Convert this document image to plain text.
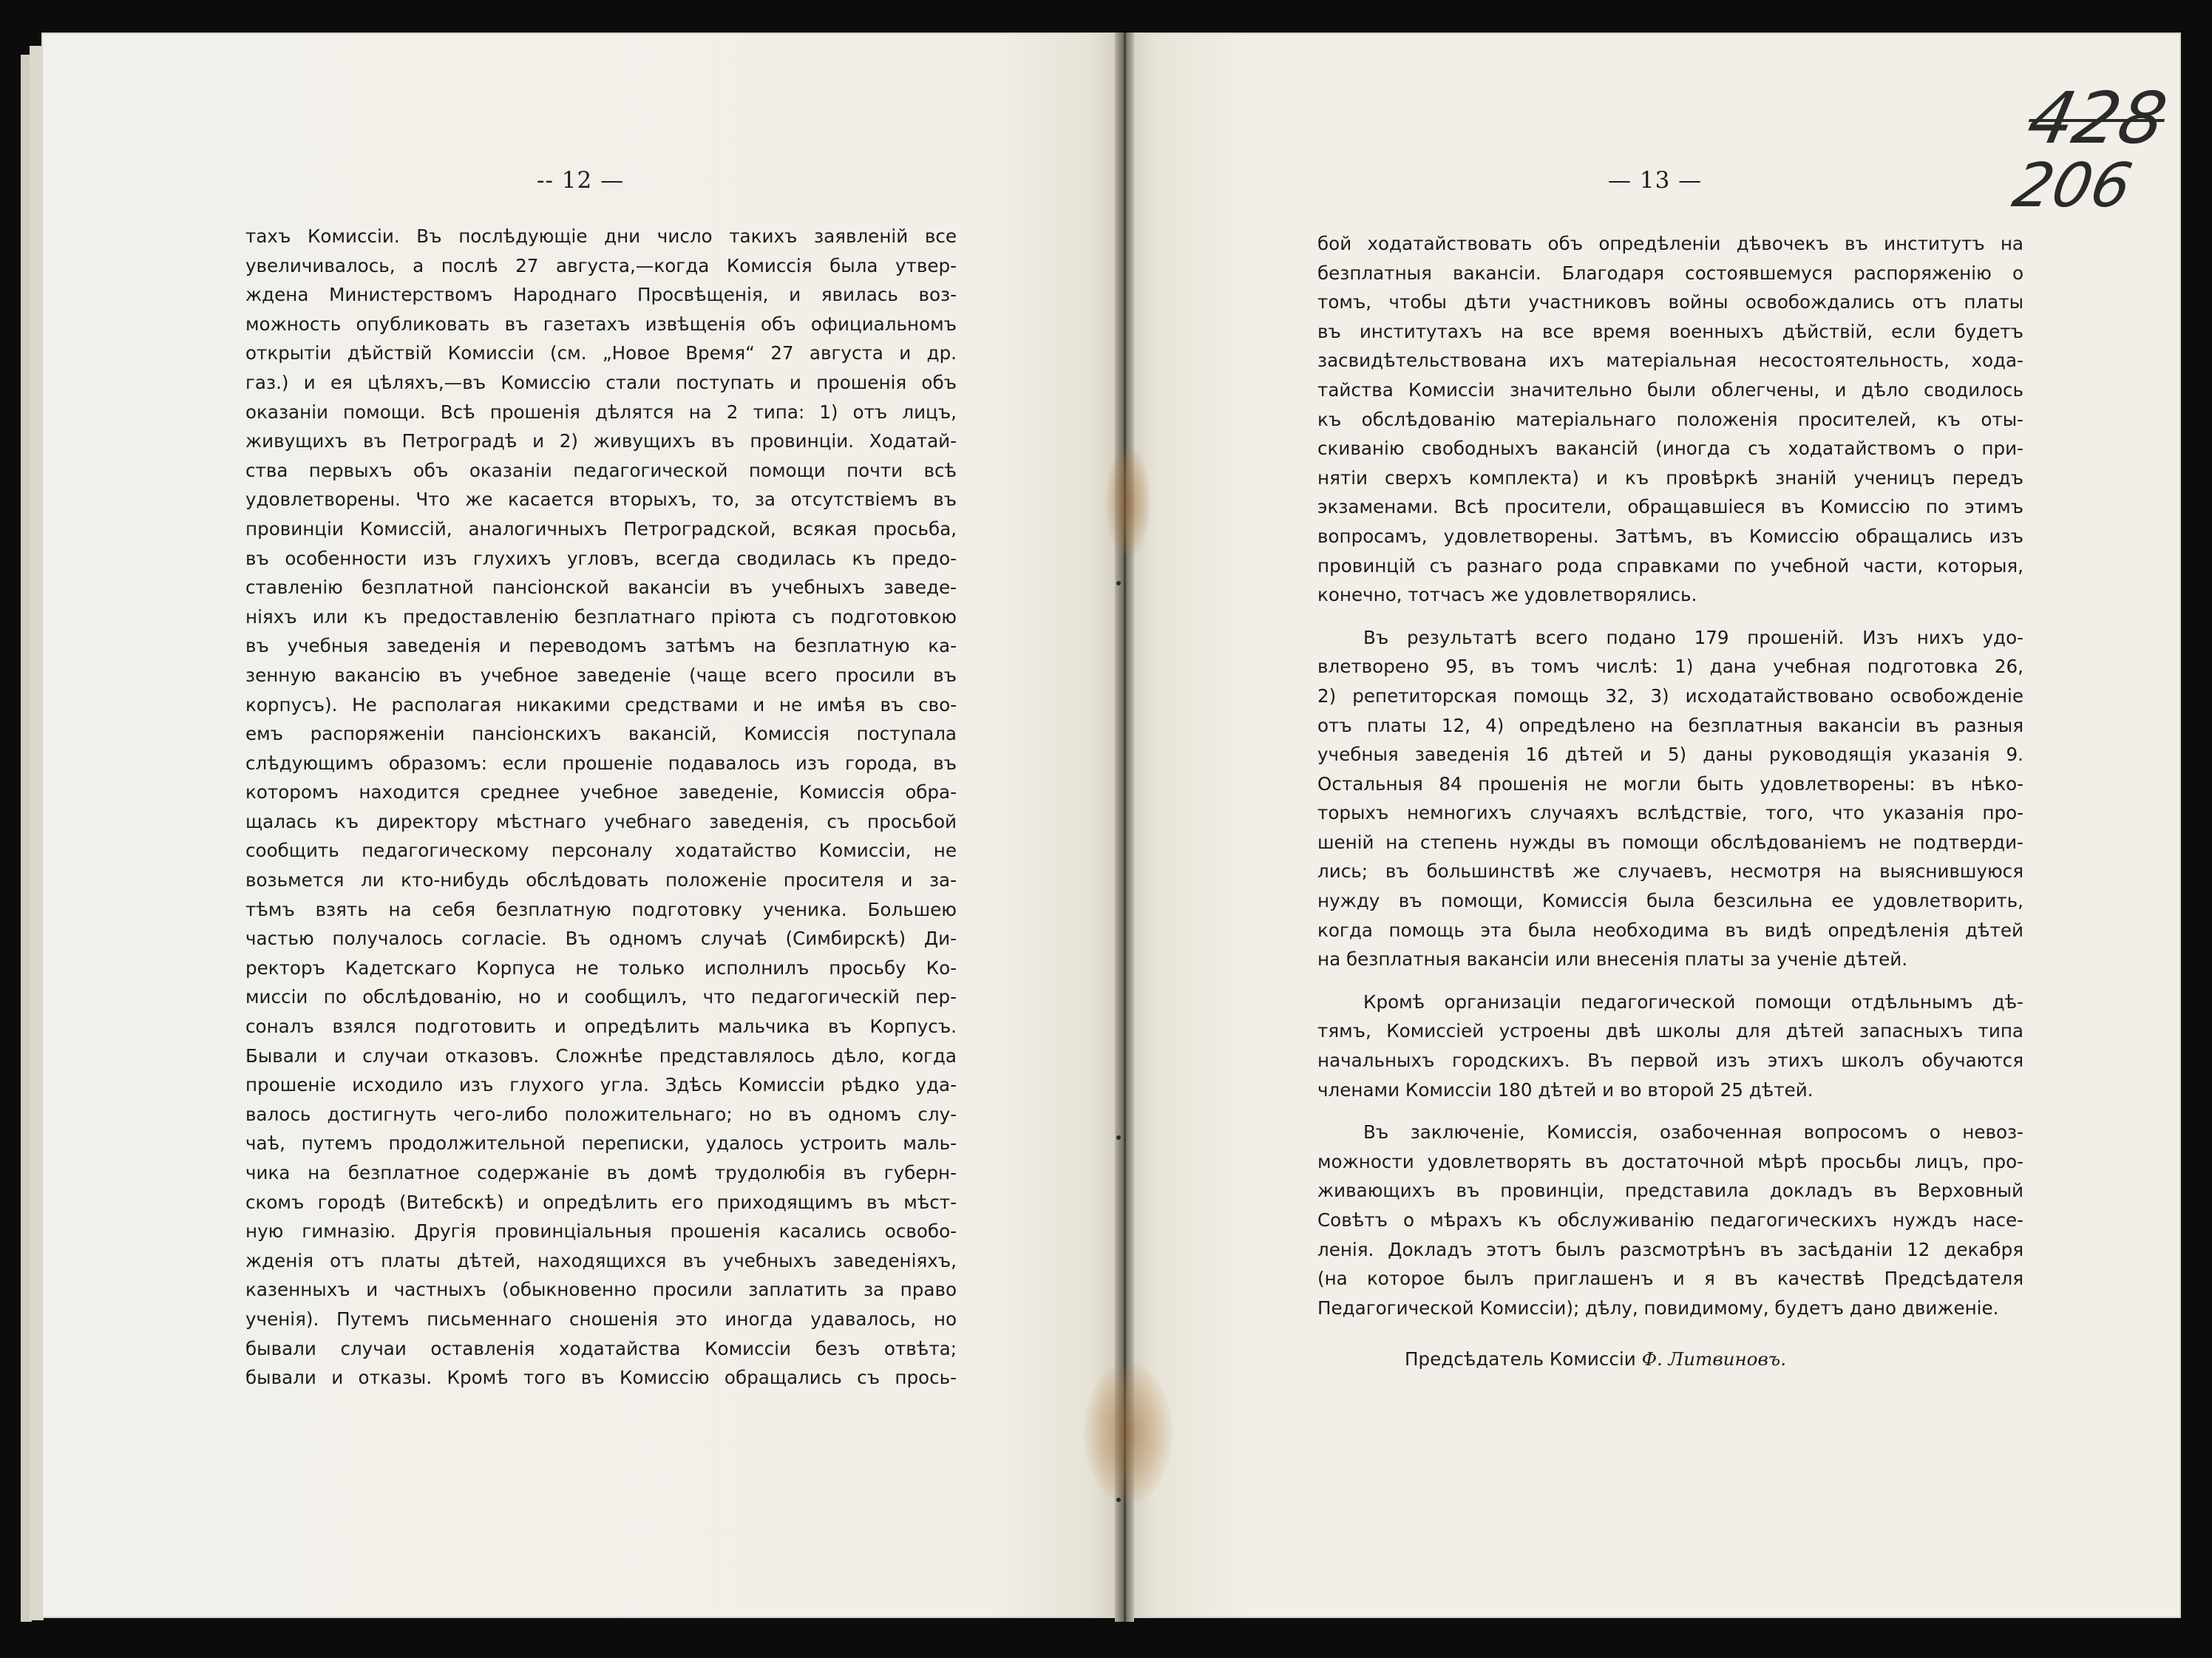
-- 12 —
тахъ Комиссіи. Въ послѣдующіе дни число такихъ заявленій все
увеличивалось, а послѣ 27 августа,—когда Комиссія была утвер-
ждена Министерствомъ Народнаго Просвѣщенія, и явилась воз-
можность опубликовать въ газетахъ извѣщенія объ официальномъ
открытіи дѣйствій Комиссіи (см. „Новое Время“ 27 августа и др.
газ.) и ея цѣляхъ,—въ Комиссію стали поступать и прошенія объ
оказаніи помощи. Всѣ прошенія дѣлятся на 2 типа: 1) отъ лицъ,
живущихъ въ Петроградѣ и 2) живущихъ въ провинціи. Ходатай-
ства первыхъ объ оказаніи педагогической помощи почти всѣ
удовлетворены. Что же касается вторыхъ, то, за отсутствіемъ въ
провинціи Комиссій, аналогичныхъ Петроградской, всякая просьба,
въ особенности изъ глухихъ угловъ, всегда сводилась къ предо-
ставленію безплатной пансіонской вакансіи въ учебныхъ заведе-
ніяхъ или къ предоставленію безплатнаго пріюта съ подготовкою
въ учебныя заведенія и переводомъ затѣмъ на безплатную ка-
зенную вакансію въ учебное заведеніе (чаще всего просили въ
корпусъ). Не располагая никакими средствами и не имѣя въ сво-
емъ распоряженіи пансіонскихъ вакансій, Комиссія поступала
слѣдующимъ образомъ: если прошеніе подавалось изъ города, въ
которомъ находится среднее учебное заведеніе, Комиссія обра-
щалась къ директору мѣстнаго учебнаго заведенія, съ просьбой
сообщить педагогическому персоналу ходатайство Комиссіи, не
возьмется ли кто-нибудь обслѣдовать положеніе просителя и за-
тѣмъ взять на себя безплатную подготовку ученика. Большею
частью получалось согласіе. Въ одномъ случаѣ (Симбирскѣ) Ди-
ректоръ Кадетскаго Корпуса не только исполнилъ просьбу Ко-
миссіи по обслѣдованію, но и сообщилъ, что педагогическій пер-
соналъ взялся подготовить и опредѣлить мальчика въ Корпусъ.
Бывали и случаи отказовъ. Сложнѣе представлялось дѣло, когда
прошеніе исходило изъ глухого угла. Здѣсь Комиссіи рѣдко уда-
валось достигнуть чего-либо положительнаго; но въ одномъ слу-
чаѣ, путемъ продолжительной переписки, удалось устроить маль-
чика на безплатное содержаніе въ домѣ трудолюбія въ губерн-
скомъ городѣ (Витебскѣ) и опредѣлить его приходящимъ въ мѣст-
ную гимназію. Другія провинціальныя прошенія касались освобо-
жденія отъ платы дѣтей, находящихся въ учебныхъ заведеніяхъ,
казенныхъ и частныхъ (обыкновенно просили заплатить за право
ученія). Путемъ письменнаго сношенія это иногда удавалось, но
бывали случаи оставленія ходатайства Комиссіи безъ отвѣта;
бывали и отказы. Кромѣ того въ Комиссію обращались съ прось-
— 13 —
428
206
бой ходатайствовать объ опредѣленіи дѣвочекъ въ институтъ на
безплатныя вакансіи. Благодаря состоявшемуся распоряженію о
томъ, чтобы дѣти участниковъ войны освобождались отъ платы
въ институтахъ на все время военныхъ дѣйствій, если будетъ
засвидѣтельствована ихъ матеріальная несостоятельность, хода-
тайства Комиссіи значительно были облегчены, и дѣло сводилось
къ обслѣдованію матеріальнаго положенія просителей, къ оты-
скиванію свободныхъ вакансій (иногда съ ходатайствомъ о при-
нятіи сверхъ комплекта) и къ провѣркѣ знаній ученицъ передъ
экзаменами. Всѣ просители, обращавшіеся въ Комиссію по этимъ
вопросамъ, удовлетворены. Затѣмъ, въ Комиссію обращались изъ
провинцій съ разнаго рода справками по учебной части, которыя,
конечно, тотчасъ же удовлетворялись.
Въ результатѣ всего подано 179 прошеній. Изъ нихъ удо-
влетворено 95, въ томъ числѣ: 1) дана учебная подготовка 26,
2) репетиторская помощь 32, 3) исходатайствовано освобожденіе
отъ платы 12, 4) опредѣлено на безплатныя вакансіи въ разныя
учебныя заведенія 16 дѣтей и 5) даны руководящія указанія 9.
Остальныя 84 прошенія не могли быть удовлетворены: въ нѣко-
торыхъ немногихъ случаяхъ вслѣдствіе, того, что указанія про-
шеній на степень нужды въ помощи обслѣдованіемъ не подтверди-
лись; въ большинствѣ же случаевъ, несмотря на выяснившуюся
нужду въ помощи, Комиссія была безсильна ее удовлетворить,
когда помощь эта была необходима въ видѣ опредѣленія дѣтей
на безплатныя вакансіи или внесенія платы за ученіе дѣтей.
Кромѣ организаціи педагогической помощи отдѣльнымъ дѣ-
тямъ, Комиссіей устроены двѣ школы для дѣтей запасныхъ типа
начальныхъ городскихъ. Въ первой изъ этихъ школъ обучаются
членами Комиссіи 180 дѣтей и во второй 25 дѣтей.
Въ заключеніе, Комиссія, озабоченная вопросомъ о невоз-
можности удовлетворять въ достаточной мѣрѣ просьбы лицъ, про-
живающихъ въ провинціи, представила докладъ въ Верховный
Совѣтъ о мѣрахъ къ обслуживанію педагогическихъ нуждъ насе-
ленія. Докладъ этотъ былъ разсмотрѣнъ въ засѣданіи 12 декабря
(на которое былъ приглашенъ и я въ качествѣ Предсѣдателя
Педагогической Комиссіи); дѣлу, повидимому, будетъ дано движеніе.
Предсѣдатель Комиссіи Ф. Литвиновъ.
